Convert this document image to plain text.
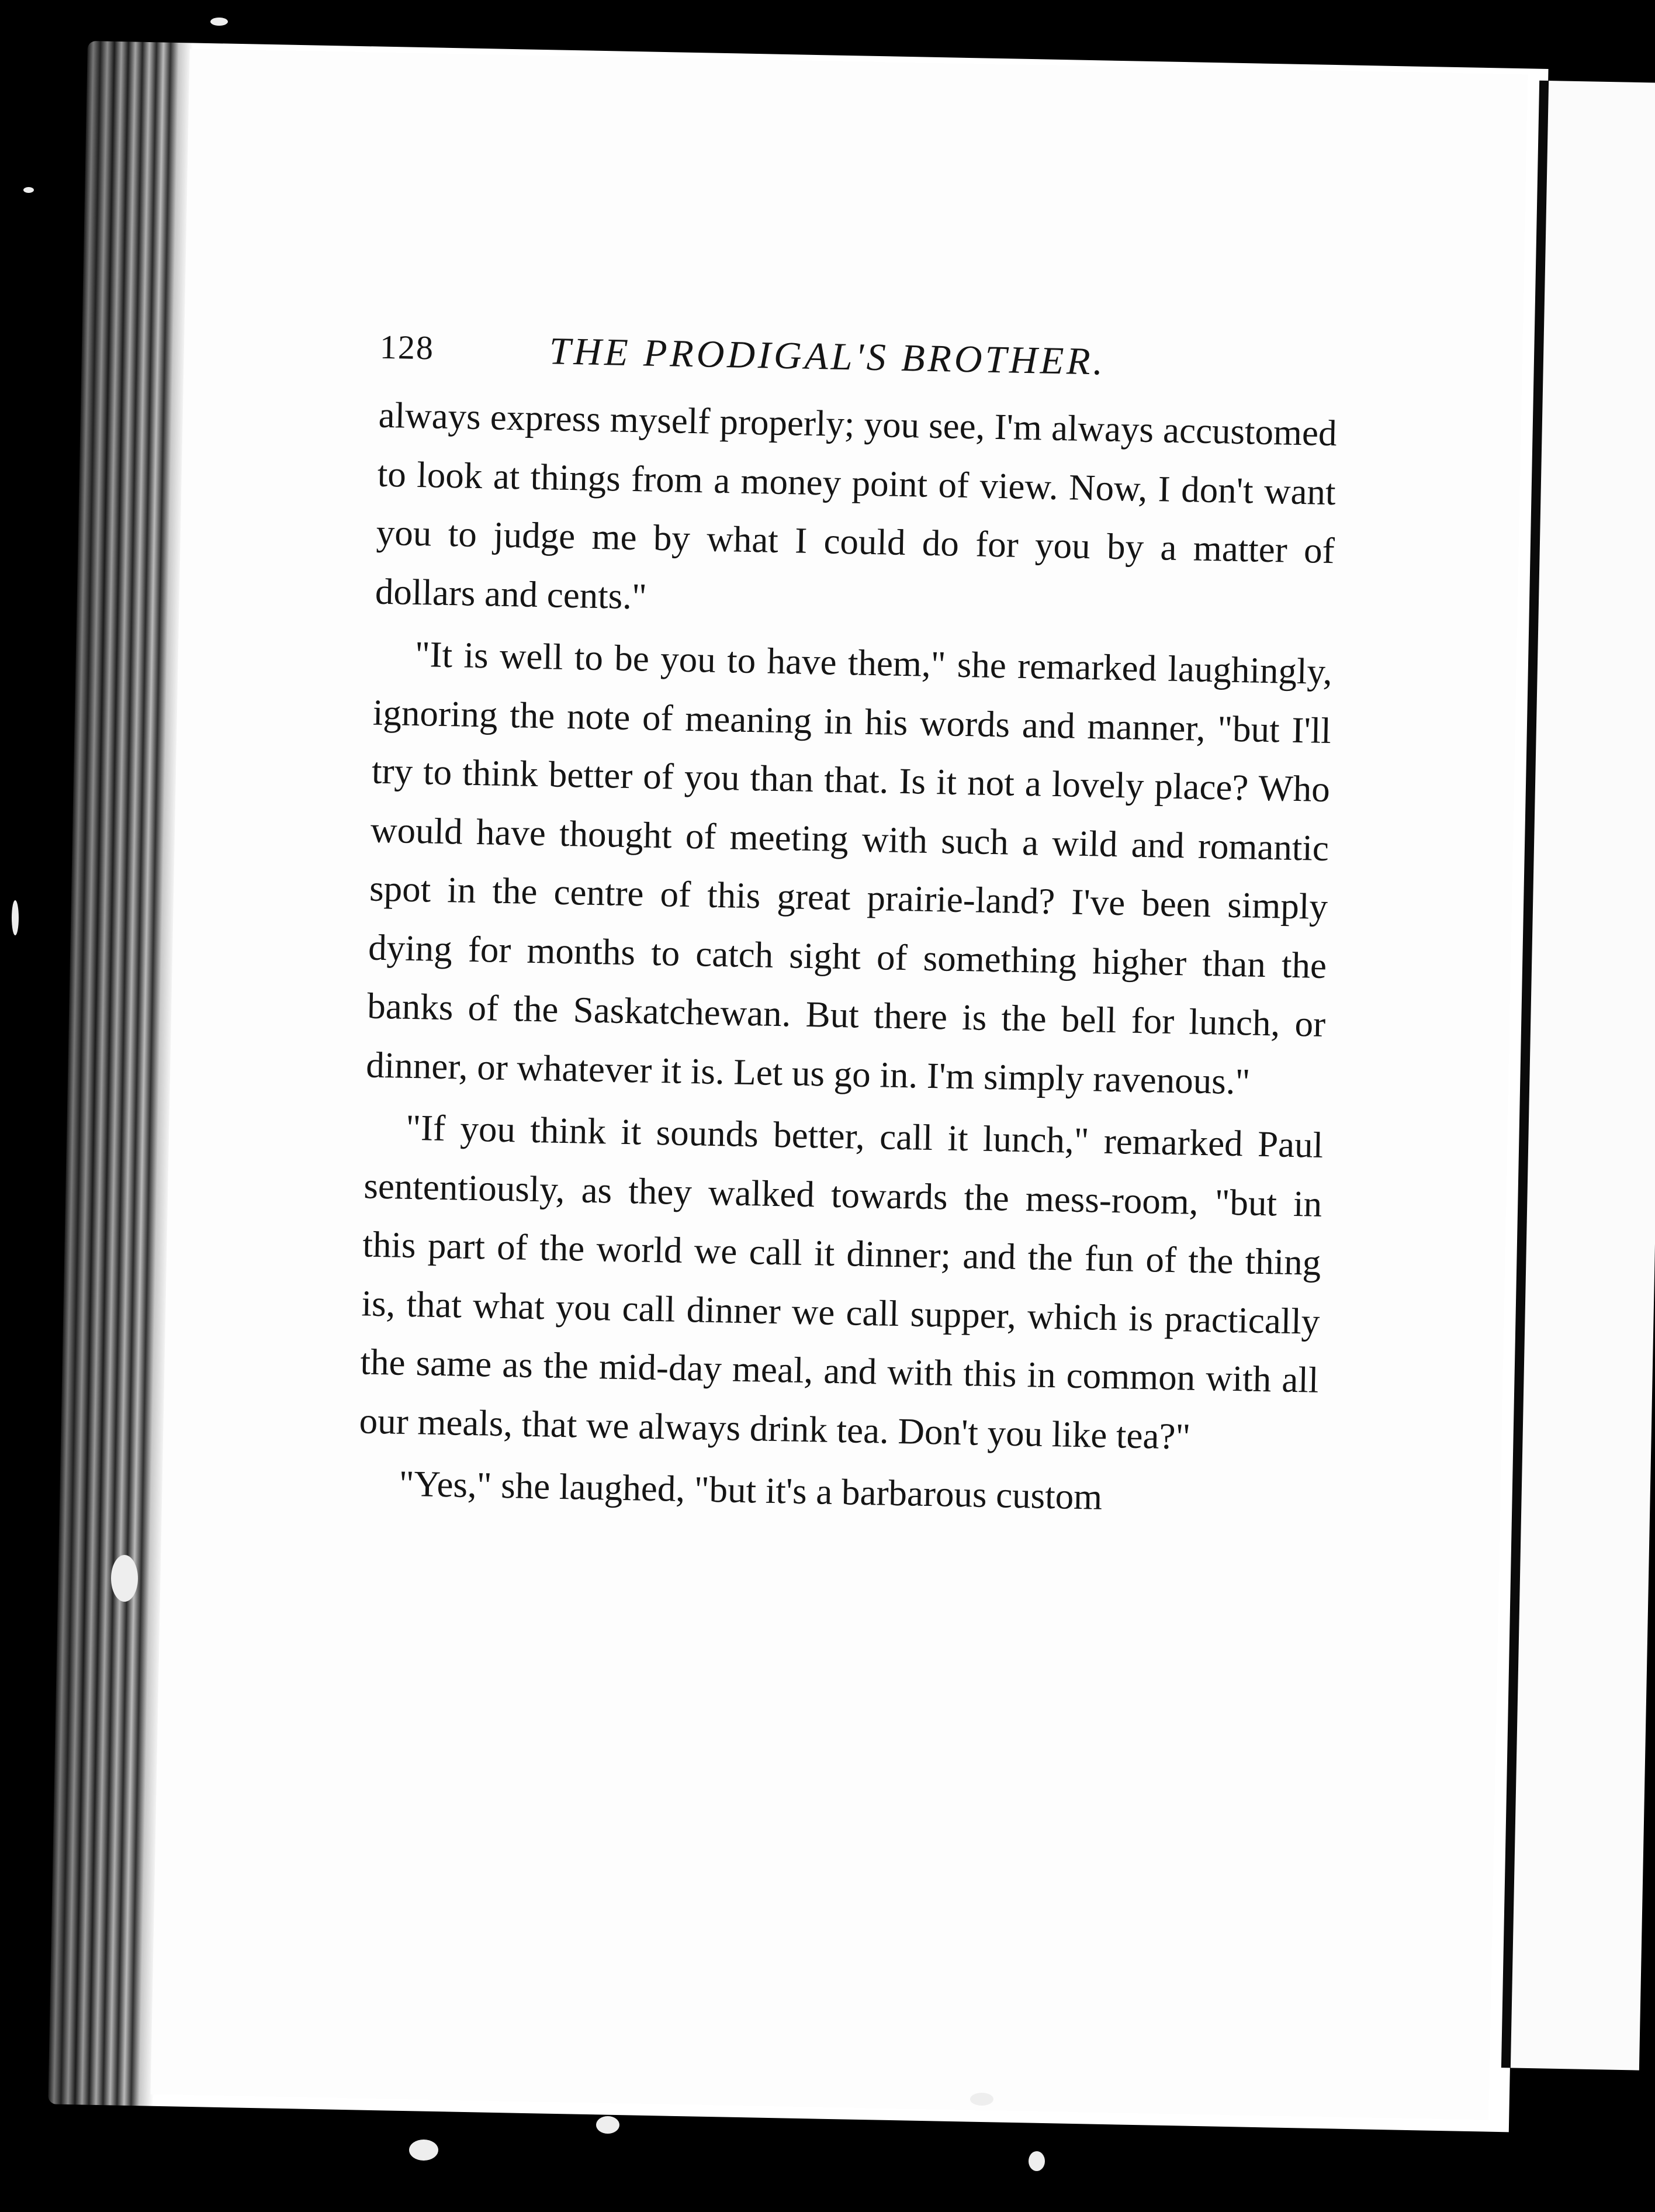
128	THE PRODIGAL'S BROTHER.

always express myself properly; you see, I'm always accustomed to look at things from a money point of view. Now, I don't want you to judge me by what I could do for you by a matter of dollars and cents."

"It is well to be you to have them," she remarked laughingly, ignoring the note of meaning in his words and manner, "but I'll try to think better of you than that. Is it not a lovely place? Who would have thought of meeting with such a wild and romantic spot in the centre of this great prairie-land? I've been simply dying for months to catch sight of something higher than the banks of the Saskatchewan. But there is the bell for lunch, or dinner, or whatever it is. Let us go in. I'm simply ravenous."

"If you think it sounds better, call it lunch," remarked Paul sententiously, as they walked towards the mess-room, "but in this part of the world we call it dinner; and the fun of the thing is, that what you call dinner we call supper, which is practically the same as the mid-day meal, and with this in common with all our meals, that we always drink tea. Don't you like tea?"

"Yes," she laughed, "but it's a barbarous custom
